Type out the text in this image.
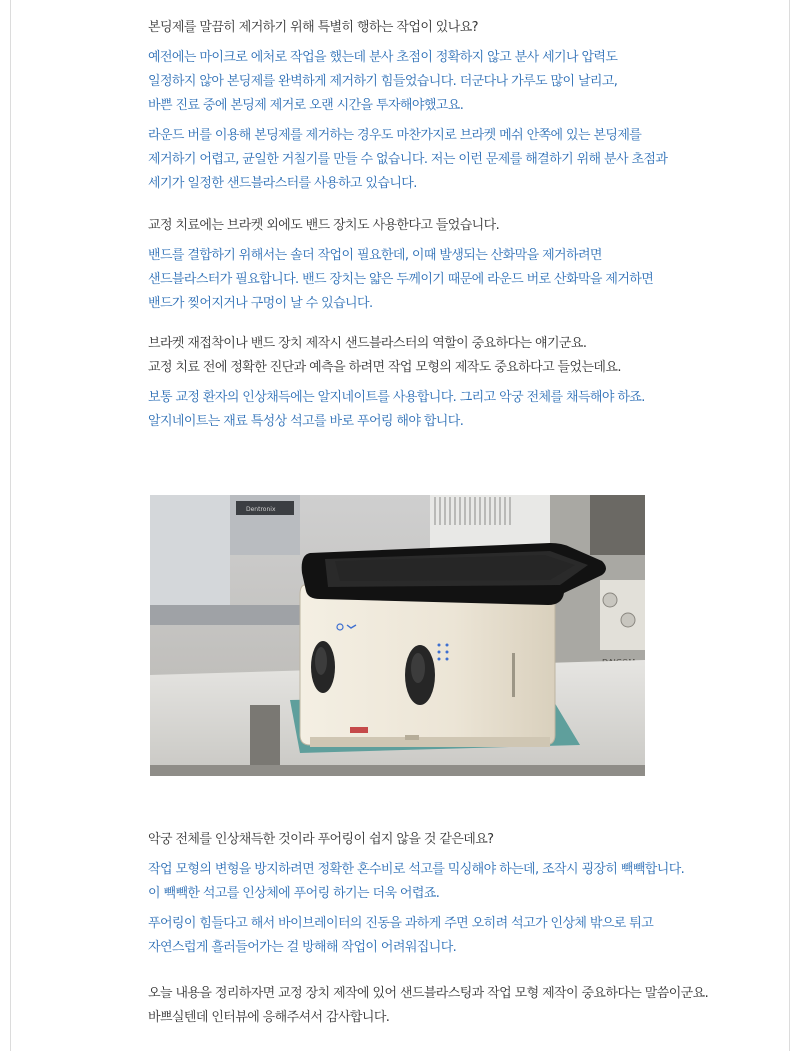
본딩제를 말끔히 제거하기 위해 특별히 행하는 작업이 있나요?

예전에는 마이크로 에처로 작업을 했는데 분사 초점이 정확하지 않고 분사 세기나 압력도

일정하지 않아 본딩제를 완벽하게 제거하기 힘들었습니다. 더군다나 가루도 많이 날리고,

바쁜 진료 중에 본딩제 제거로 오랜 시간을 투자해야했고요.

라운드 버를 이용해 본딩제를 제거하는 경우도 마찬가지로 브라켓 메쉬 안쪽에 있는 본딩제를

제거하기 어렵고, 균일한 거칠기를 만들 수 없습니다. 저는 이런 문제를 해결하기 위해 분사 초점과

세기가 일정한 샌드블라스터를 사용하고 있습니다.

교정 치료에는 브라켓 외에도 밴드 장치도 사용한다고 들었습니다.

밴드를 결합하기 위해서는 솔더 작업이 필요한데, 이때 발생되는 산화막을 제거하려면

샌드블라스터가 필요합니다. 밴드 장치는 얇은 두께이기 때문에 라운드 버로 산화막을 제거하면

밴드가 찢어지거나 구멍이 날 수 있습니다.

브라켓 재접착이나 밴드 장치 제작시 샌드블라스터의 역할이 중요하다는 얘기군요.

교정 치료 전에 정확한 진단과 예측을 하려면 작업 모형의 제작도 중요하다고 들었는데요.

보통 교정 환자의 인상채득에는 알지네이트를 사용합니다. 그리고 악궁 전체를 채득해야 하죠.

알지네이트는 재료 특성상 석고를 바로 푸어링 해야 합니다.

Dentronix

악궁 전체를 인상채득한 것이라 푸어링이 쉽지 않을 것 같은데요?

작업 모형의 변형을 방지하려면 정확한 혼수비로 석고를 믹싱해야 하는데, 조작시 굉장히 빽빽합니다.

이 빽빽한 석고를 인상체에 푸어링 하기는 더욱 어렵죠.

푸어링이 힘들다고 해서 바이브레이터의 진동을 과하게 주면 오히려 석고가 인상체 밖으로 튀고

자연스럽게 흘러들어가는 걸 방해해 작업이 어려워집니다.

오늘 내용을 정리하자면 교정 장치 제작에 있어 샌드블라스팅과 작업 모형 제작이 중요하다는 말씀이군요.

바쁘실텐데 인터뷰에 응해주셔서 감사합니다.
